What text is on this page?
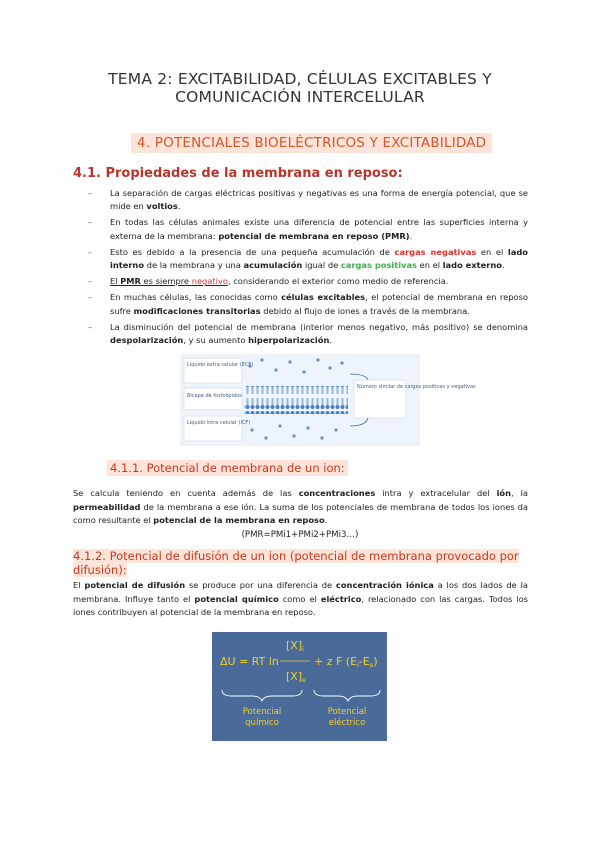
TEMA 2: EXCITABILIDAD, CÉLULAS EXCITABLES Y
COMUNICACIÓN INTERCELULAR
4. POTENCIALES BIOELÉCTRICOS Y EXCITABILIDAD
4.1. Propiedades de la membrana en reposo:
– La separación de cargas eléctricas positivas y negativas es una forma de energía potencial, que se mide en voltios.
– En todas las células animales existe una diferencia de potencial entre las superficies interna y externa de la membrana: potencial de membrana en reposo (PMR).
– Esto es debido a la presencia de una pequeña acumulación de cargas negativas en el lado interno de la membrana y una acumulación igual de cargas positivas en el lado externo.
– El PMR es siempre negativo, considerando el exterior como medio de referencia.
– En muchas células, las conocidas como células excitables, el potencial de membrana en reposo sufre modificaciones transitorias debido al flujo de iones a través de la membrana.
– La disminución del potencial de membrana (interior menos negativo, más positivo) se denomina despolarización, y su aumento hiperpolarización.
Líquido extra celular (ECF)
Bicapa de fosfolípidos
Líquido intra celular (ICF)
Número similar de cargas positivas y negativas
4.1.1. Potencial de membrana de un ion:
Se calcula teniendo en cuenta además de las concentraciones intra y extracelular del ión, la permeabilidad de la membrana a ese ión. La suma de los potenciales de membrana de todos los iones da como resultante el potencial de la membrana en reposo.
(PMR=PMi1+PMi2+PMi3…)
4.1.2. Potencial de difusión de un ion (potencial de membrana provocado por difusión):
El potencial de difusión se produce por una diferencia de concentración iónica a los dos lados de la membrana. Influye tanto el potencial químico como el eléctrico, relacionado con las cargas. Todos los iones contribuyen al potencial de la membrana en reposo.
ΔU = RT ln
[X]i
[X]e
+ z F (Ei-Ee)
Potencial
químico
Potencial
eléctrico
